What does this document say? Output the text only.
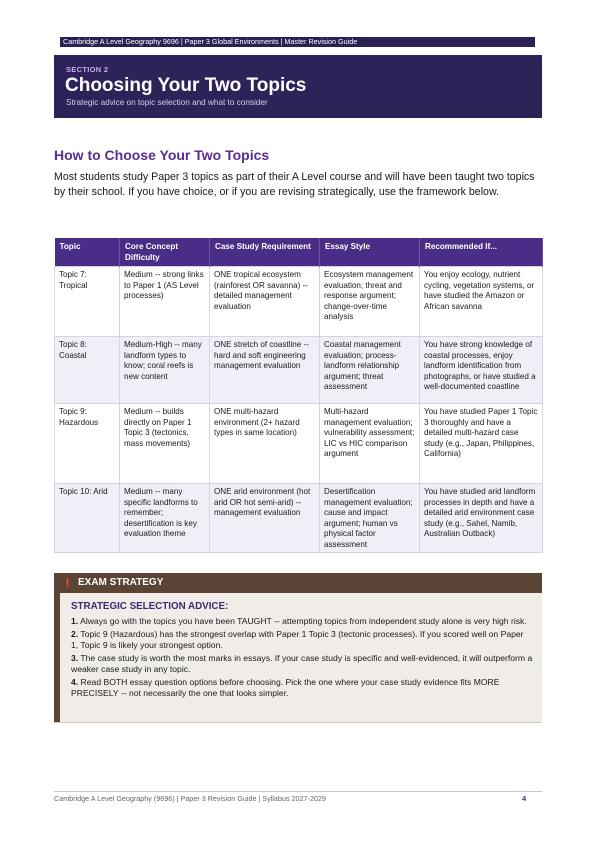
Cambridge A Level Geography 9696 | Paper 3 Global Environments | Master Revision Guide
SECTION 2
Choosing Your Two Topics
Strategic advice on topic selection and what to consider
How to Choose Your Two Topics
Most students study Paper 3 topics as part of their A Level course and will have been taught two topics by their school. If you have choice, or if you are revising strategically, use the framework below.
Topic	Core Concept Difficulty	Case Study Requirement	Essay Style	Recommended If...
Topic 7: Tropical	Medium -- strong links to Paper 1 (AS Level processes)	ONE tropical ecosystem (rainforest OR savanna) -- detailed management evaluation	Ecosystem management evaluation; threat and response argument; change-over-time analysis	You enjoy ecology, nutrient cycling, vegetation systems, or have studied the Amazon or African savanna
Topic 8: Coastal	Medium-High -- many landform types to know; coral reefs is new content	ONE stretch of coastline -- hard and soft engineering management evaluation	Coastal management evaluation; process-landform relationship argument; threat assessment	You have strong knowledge of coastal processes, enjoy landform identification from photographs, or have studied a well-documented coastline
Topic 9: Hazardous	Medium -- builds directly on Paper 1 Topic 3 (tectonics, mass movements)	ONE multi-hazard environment (2+ hazard types in same location)	Multi-hazard management evaluation; vulnerability assessment; LIC vs HIC comparison argument	You have studied Paper 1 Topic 3 thoroughly and have a detailed multi-hazard case study (e.g., Japan, Philippines, California)
Topic 10: Arid	Medium -- many specific landforms to remember; desertification is key evaluation theme	ONE arid environment (hot arid OR hot semi-arid) -- management evaluation	Desertification management evaluation; cause and impact argument; human vs physical factor assessment	You have studied arid landform processes in depth and have a detailed arid environment case study (e.g., Sahel, Namib, Australian Outback)
❗ EXAM STRATEGY
STRATEGIC SELECTION ADVICE:
1. Always go with the topics you have been TAUGHT -- attempting topics from independent study alone is very high risk.
2. Topic 9 (Hazardous) has the strongest overlap with Paper 1 Topic 3 (tectonic processes). If you scored well on Paper 1, Topic 9 is likely your strongest option.
3. The case study is worth the most marks in essays. If your case study is specific and well-evidenced, it will outperform a weaker case study in any topic.
4. Read BOTH essay question options before choosing. Pick the one where your case study evidence fits MORE PRECISELY -- not necessarily the one that looks simpler.
Cambridge A Level Geography (9696) | Paper 3 Revision Guide | Syllabus 2027-2029	4
